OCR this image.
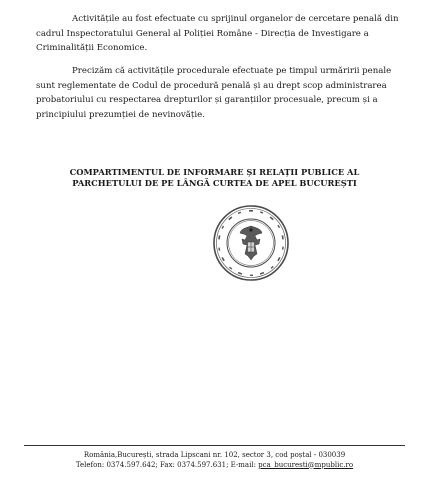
Activitățile au fost efectuate cu sprijinul organelor de cercetare penală din
cadrul Inspectoratului General al Poliției Române - Direcția de Investigare a
Criminalității Economice.
Precizăm că activitățile procedurale efectuate pe timpul urmăririi penale
sunt reglementate de Codul de procedură penală și au drept scop administrarea
probatoriului cu respectarea drepturilor și garanțiilor procesuale, precum și a
principiului prezumției de nevinovăție.
COMPARTIMENTUL DE INFORMARE ȘI RELAȚII PUBLICE AL
PARCHETULUI DE PE LÂNGĂ CURTEA DE APEL BUCUREȘTI
România,București, strada Lipscani nr. 102, sector 3, cod poștal - 030039
Telefon: 0374.597.642; Fax: 0374.597.631; E-mail: pca_bucuresti@mpublic.ro
